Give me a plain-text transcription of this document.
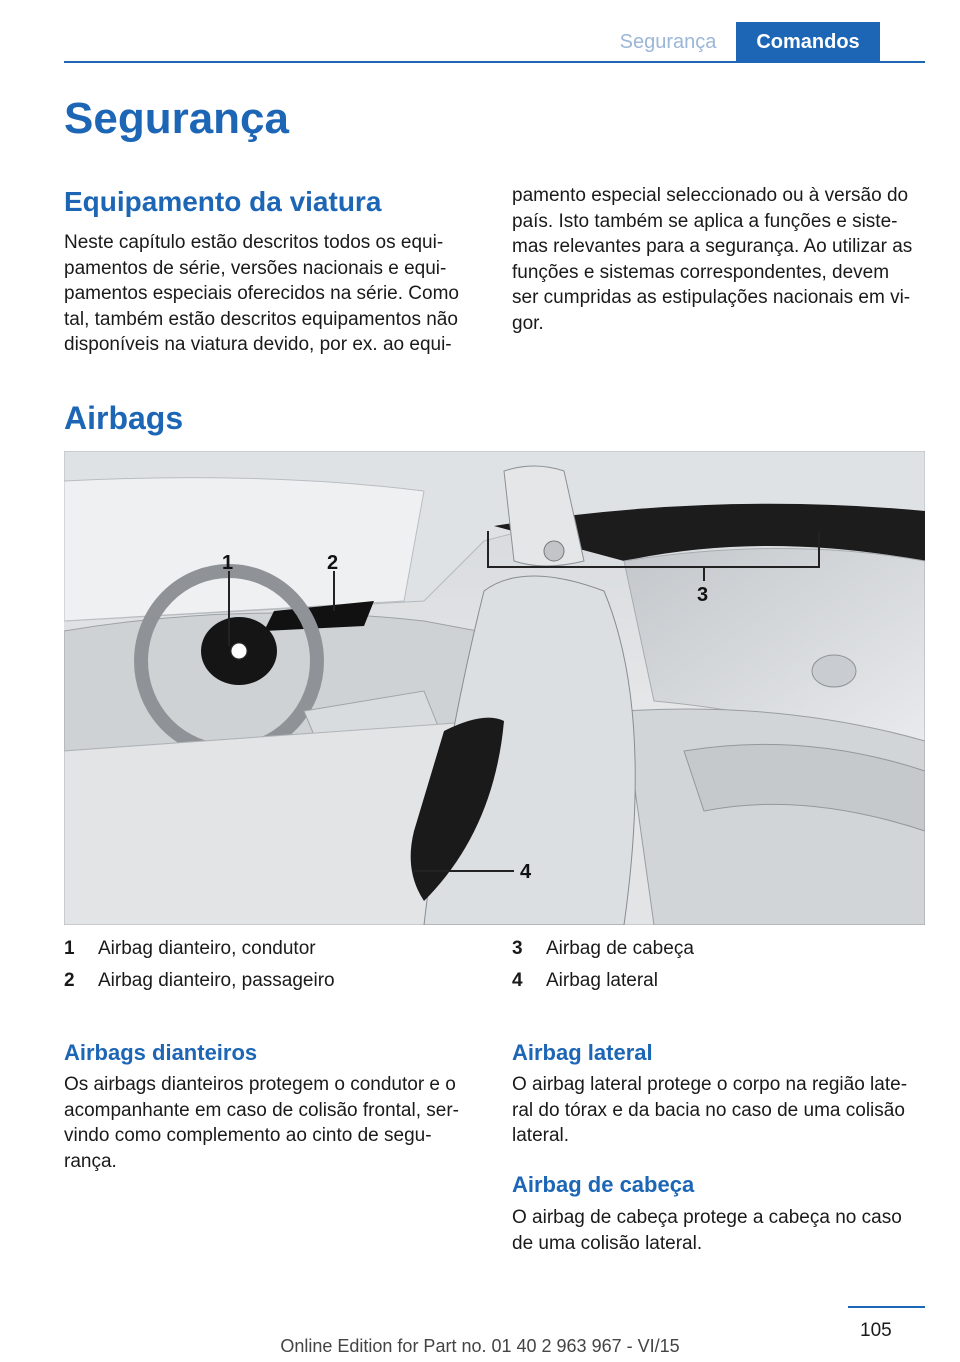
Segurança	Comandos
Segurança
Equipamento da viatura
Neste capítulo estão descritos todos os equi-
pamentos de série, versões nacionais e equi-
pamentos especiais oferecidos na série. Como
tal, também estão descritos equipamentos não
disponíveis na viatura devido, por ex. ao equi-
pamento especial seleccionado ou à versão do
país. Isto também se aplica a funções e siste-
mas relevantes para a segurança. Ao utilizar as
funções e sistemas correspondentes, devem
ser cumpridas as estipulações nacionais em vi-
gor.
Airbags
1	2
3
4
1 Airbag dianteiro, condutor
2 Airbag dianteiro, passageiro
3 Airbag de cabeça
4 Airbag lateral
Airbags dianteiros
Os airbags dianteiros protegem o condutor e o
acompanhante em caso de colisão frontal, ser-
vindo como complemento ao cinto de segu-
rança.
Airbag lateral
O airbag lateral protege o corpo na região late-
ral do tórax e da bacia no caso de uma colisão
lateral.
Airbag de cabeça
O airbag de cabeça protege a cabeça no caso
de uma colisão lateral.
105
Online Edition for Part no. 01 40 2 963 967 - VI/15
